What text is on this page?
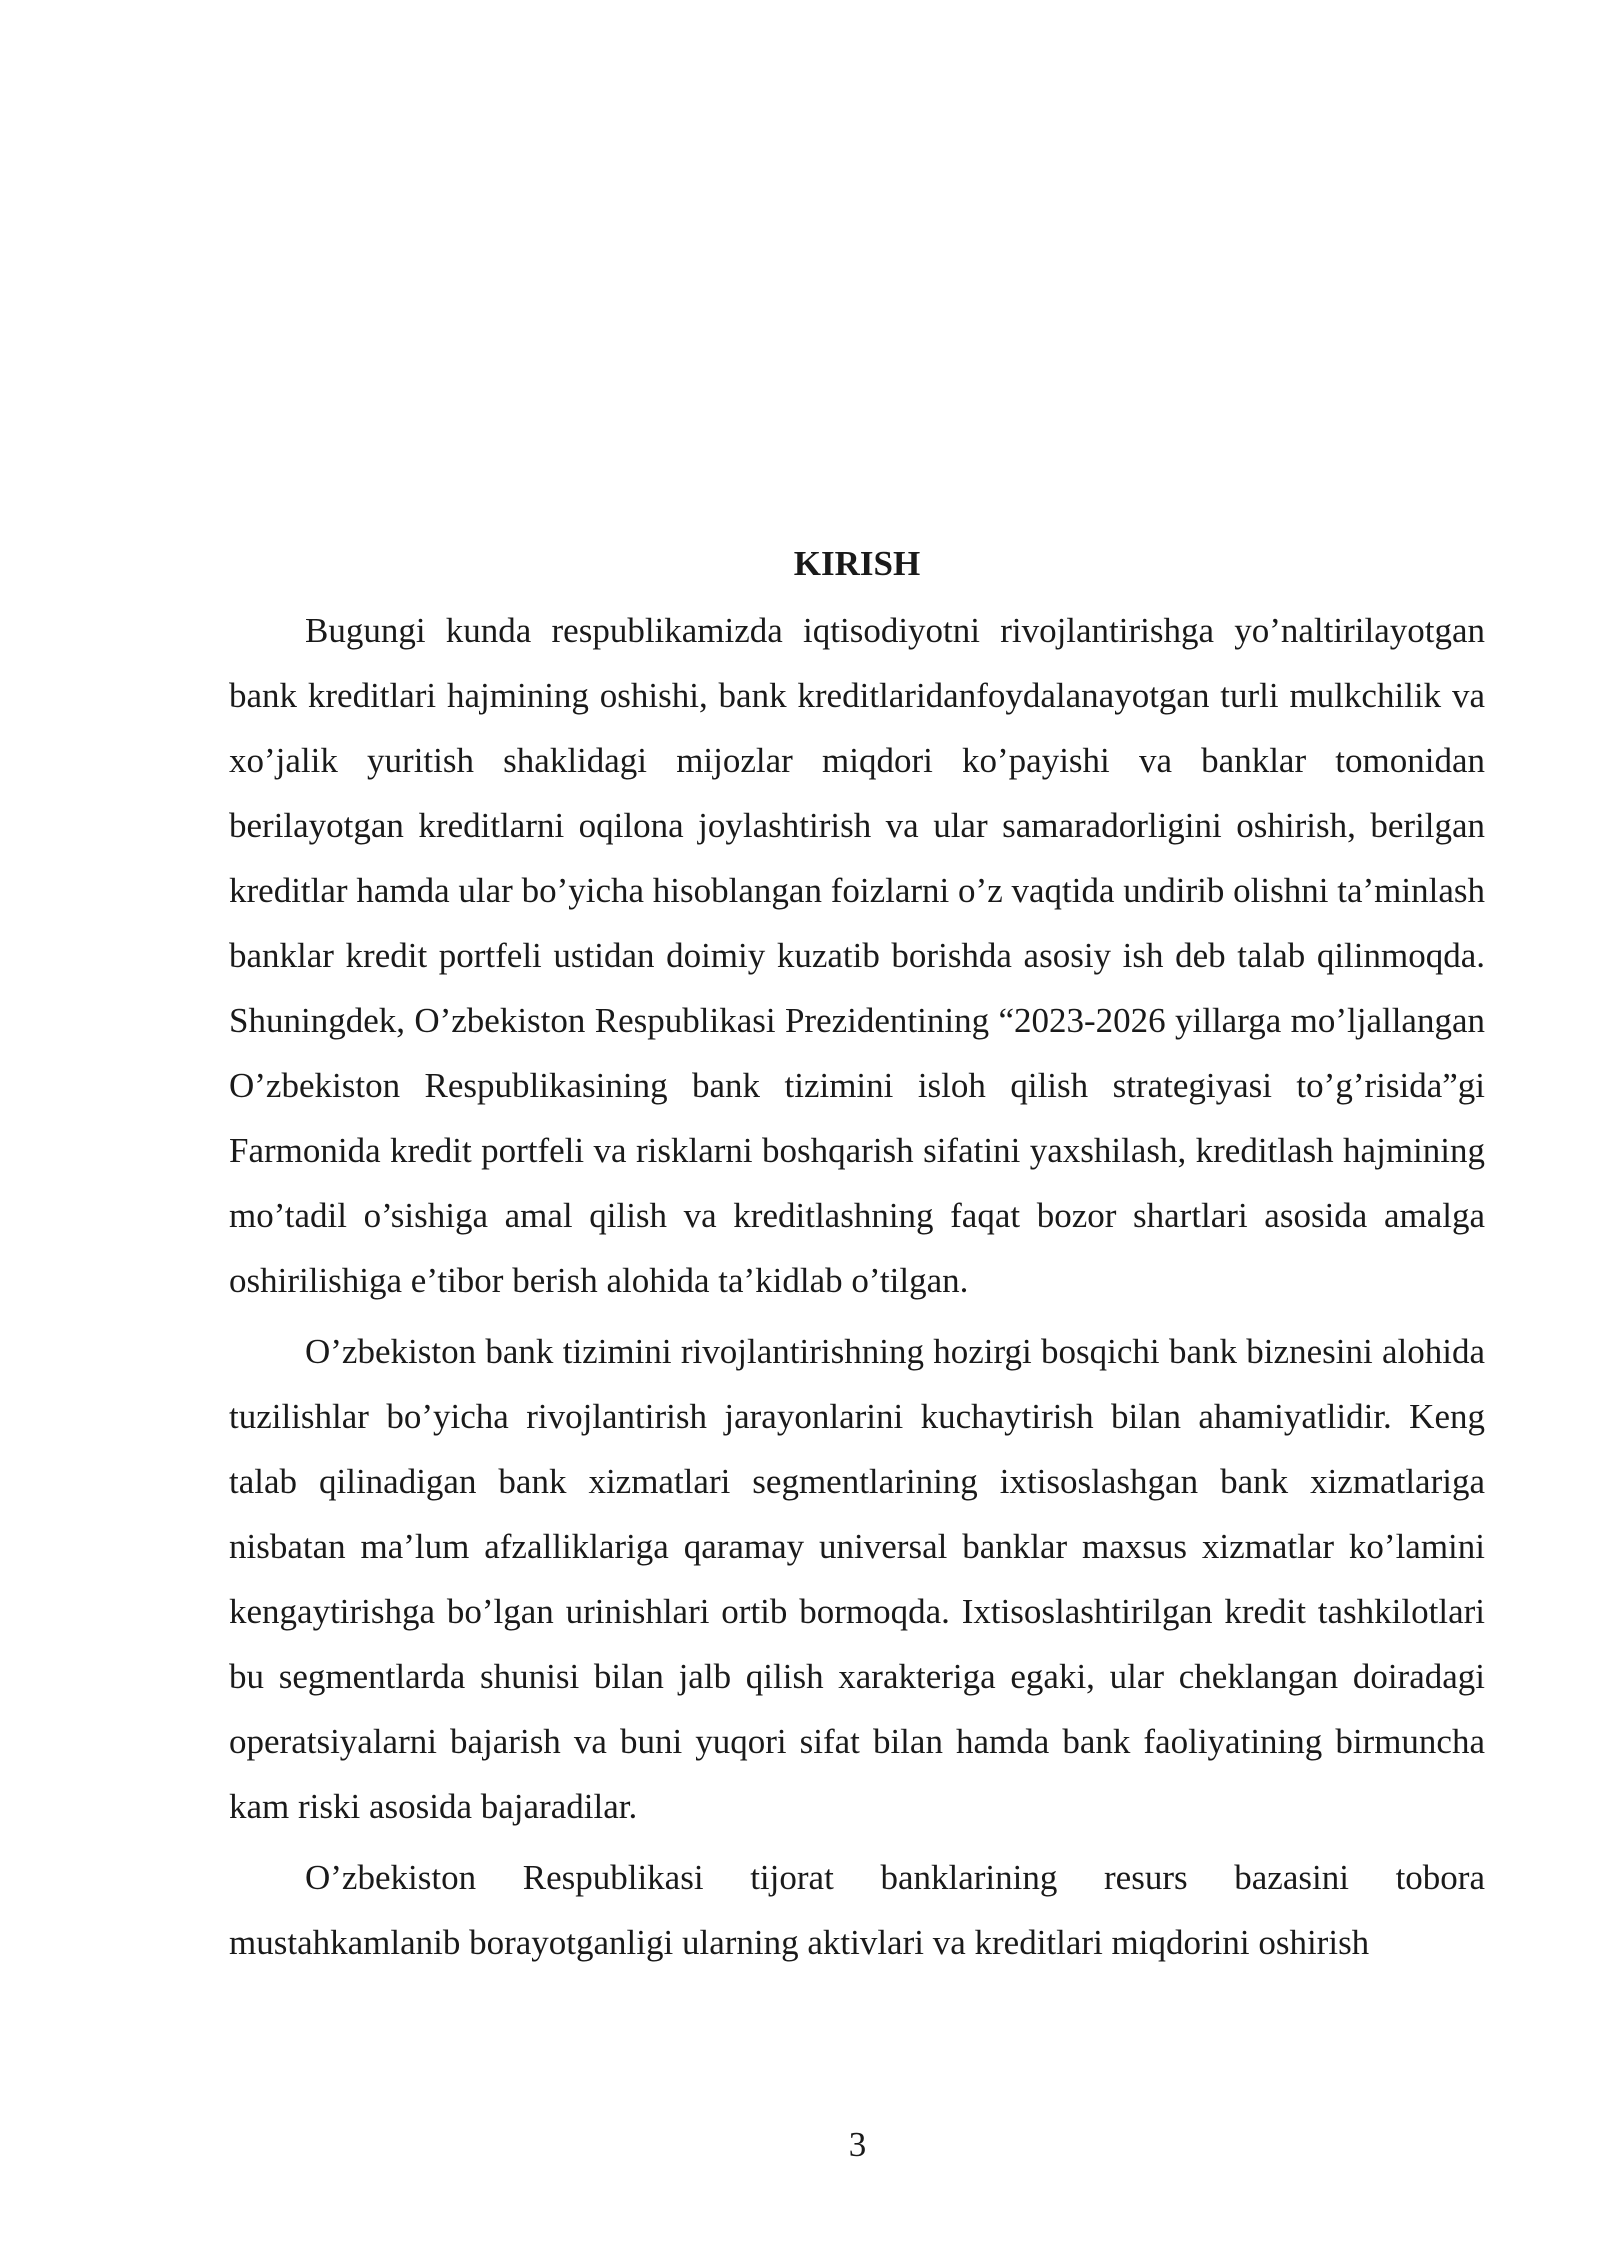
KIRISH

Bugungi kunda respublikamizda iqtisodiyotni rivojlantirishga yo’naltirilayotgan bank kreditlari hajmining oshishi, bank kreditlaridanfoydalanayotgan turli mulkchilik va xo’jalik yuritish shaklidagi mijozlar miqdori ko’payishi va banklar tomonidan berilayotgan kreditlarni oqilona joylashtirish va ular samaradorligini oshirish, berilgan kreditlar hamda ular bo’yicha hisoblangan foizlarni o’z vaqtida undirib olishni ta’minlash banklar kredit portfeli ustidan doimiy kuzatib borishda asosiy ish deb talab qilinmoqda. Shuningdek, O’zbekiston Respublikasi Prezidentining “2023-2026 yillarga mo’ljallangan O’zbekiston Respublikasining bank tizimini isloh qilish strategiyasi to’g’risida”gi Farmonida kredit portfeli va risklarni boshqarish sifatini yaxshilash, kreditlash hajmining mo’tadil o’sishiga amal qilish va kreditlashning faqat bozor shartlari asosida amalga oshirilishiga e’tibor berish alohida ta’kidlab o’tilgan.

O’zbekiston bank tizimini rivojlantirishning hozirgi bosqichi bank biznesini alohida tuzilishlar bo’yicha rivojlantirish jarayonlarini kuchaytirish bilan ahamiyatlidir. Keng talab qilinadigan bank xizmatlari segmentlarining ixtisoslashgan bank xizmatlariga nisbatan ma’lum afzalliklariga qaramay universal banklar maxsus xizmatlar ko’lamini kengaytirishga bo’lgan urinishlari ortib bormoqda. Ixtisoslashtirilgan kredit tashkilotlari bu segmentlarda shunisi bilan jalb qilish xarakteriga egaki, ular cheklangan doiradagi operatsiyalarni bajarish va buni yuqori sifat bilan hamda bank faoliyatining birmuncha kam riski asosida bajaradilar.

O’zbekiston Respublikasi tijorat banklarining resurs bazasini tobora mustahkamlanib borayotganligi ularning aktivlari va kreditlari miqdorini oshirish

3
